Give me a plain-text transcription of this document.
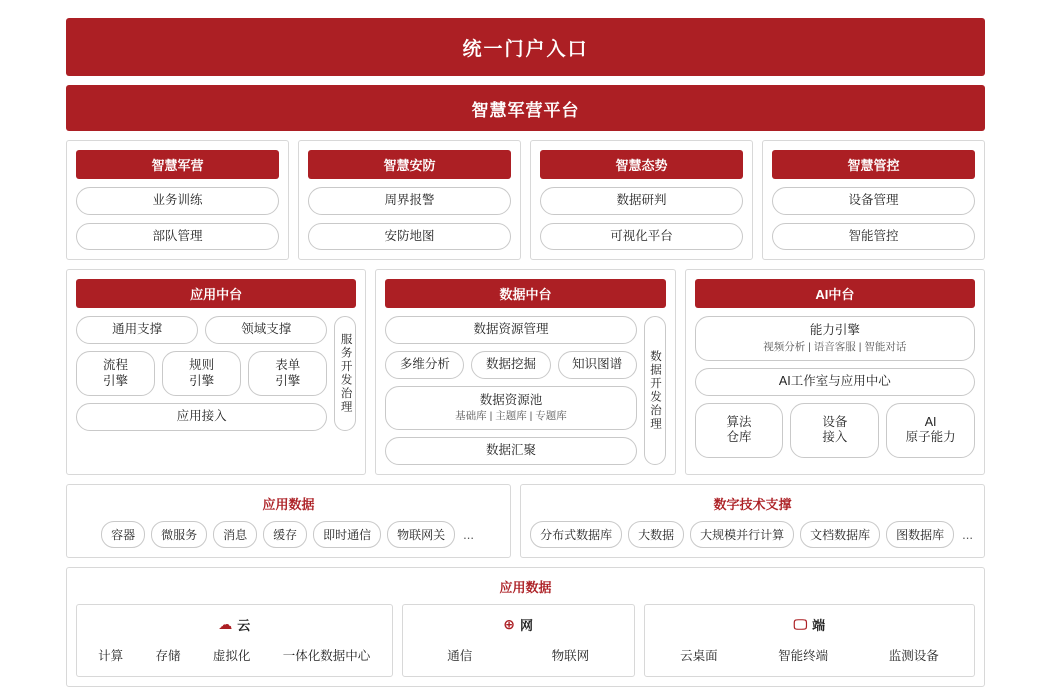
统一门户入口
智慧军营平台
智慧军营
业务训练
部队管理
智慧安防
周界报警
安防地图
智慧态势
数据研判
可视化平台
智慧管控
设备管理
智能管控
应用中台
通用支撑	领域支撑
流程
引擎
规则
引擎
表单
引擎
应用接入
服务开发治理
数据中台
数据资源管理
多维分析	数据挖掘	知识图谱
数据资源池
基础库 | 主题库 | 专题库
数据汇聚
数据开发治理
AI中台
能力引擎
视频分析 | 语音客服 | 智能对话
AI工作室与应用中心
算法
仓库
设备
接入
AI
原子能力
应用数据
容器	微服务	消息	缓存	即时通信	物联网关	...
数字技术支撑
分布式数据库	大数据	大规模并行计算	文档数据库	图数据库	...
应用数据
☁ 云
计算	存储	虚拟化	一体化数据中心
⊕ 网
通信	物联网
🖵 端
云桌面	智能终端	监测设备
